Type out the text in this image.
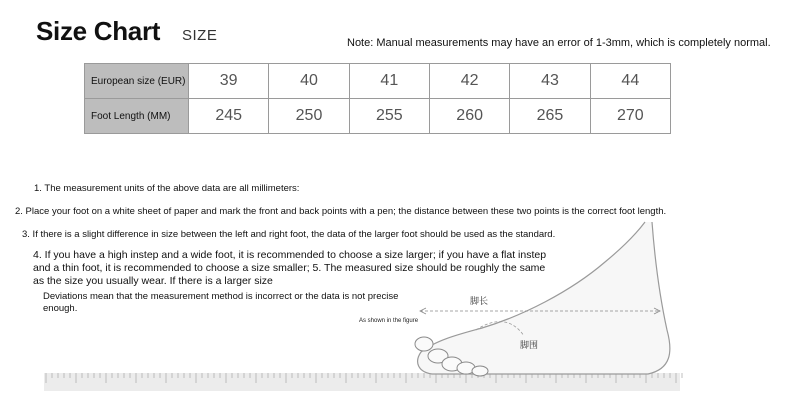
Size Chart SIZE	Note: Manual measurements may have an error of 1-3mm, which is completely normal.
European size (EUR)	39	40	41	42	43	44
Foot Length (MM)	245	250	255	260	265	270
脚长
脚围
As shown in the figure
1. The measurement units of the above data are all millimeters:
2. Place your foot on a white sheet of paper and mark the front and back points with a pen; the distance between these two points is the correct foot length.
3. If there is a slight difference in size between the left and right foot, the data of the larger foot should be used as the standard.
4. If you have a high instep and a wide foot, it is recommended to choose a size larger; if you have a flat instep and a thin foot, it is recommended to choose a size smaller; 5. The measured size should be roughly the same as the size you usually wear. If there is a larger size
Deviations mean that the measurement method is incorrect or the data is not precise enough.
